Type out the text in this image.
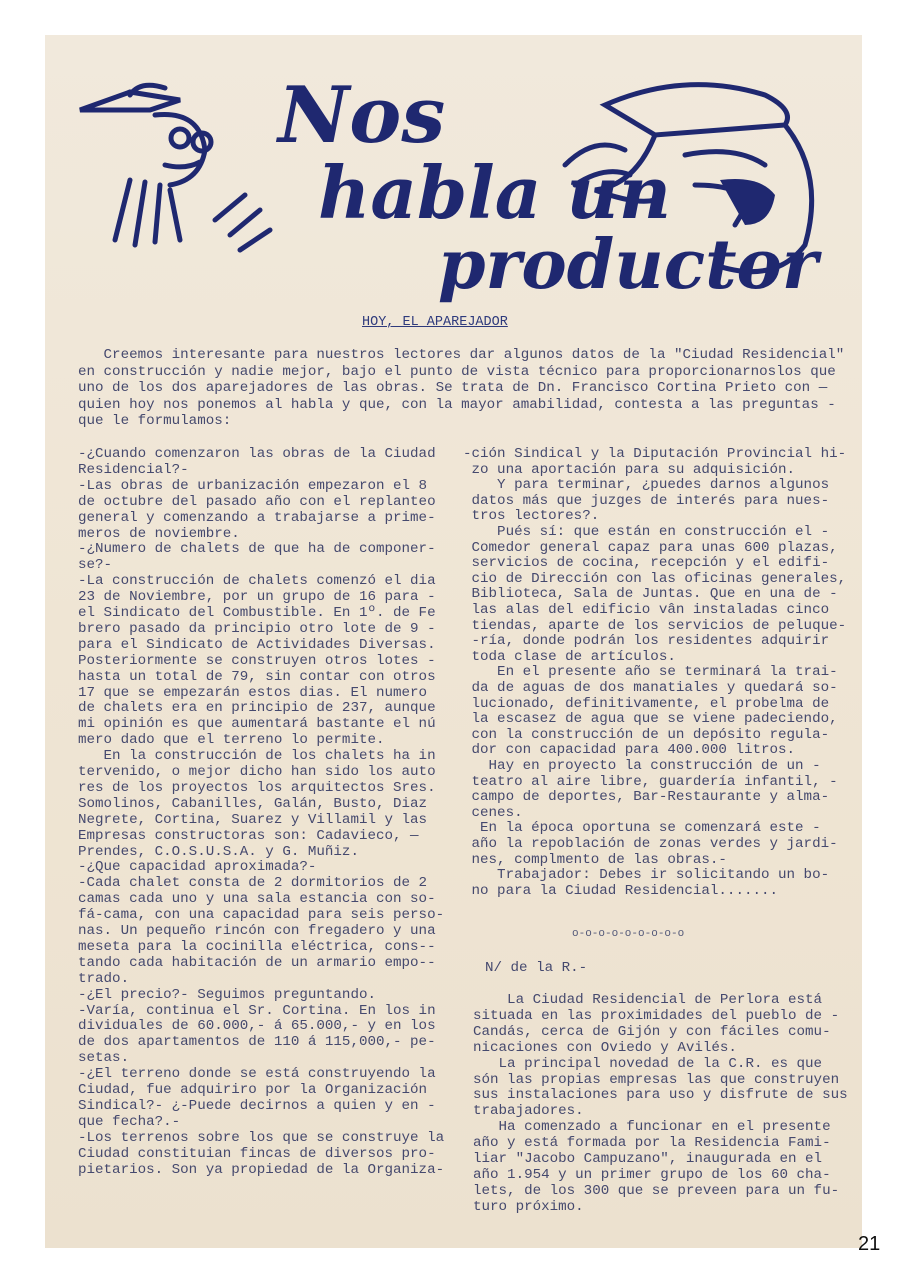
Nos
habla un
productor
HOY, EL APAREJADOR
Creemos interesante para nuestros lectores dar algunos datos de la "Ciudad Residencial"
en construcción y nadie mejor, bajo el punto de vista técnico para proporcionarnoslos que
uno de los dos aparejadores de las obras. Se trata de Dn. Francisco Cortina Prieto con —
quien hoy nos ponemos al habla y que, con la mayor amabilidad, contesta a las preguntas -
que le formulamos:
-¿Cuando comenzaron las obras de la Ciudad
Residencial?-
-Las obras de urbanización empezaron el 8
de octubre del pasado año con el replanteo
general y comenzando a trabajarse a prime-
meros de noviembre.
-¿Numero de chalets de que ha de componer-
se?-
-La construcción de chalets comenzó el dia
23 de Noviembre, por un grupo de 16 para -
el Sindicato del Combustible. En 1º. de Fe
brero pasado da principio otro lote de 9 -
para el Sindicato de Actividades Diversas.
Posteriormente se construyen otros lotes -
hasta un total de 79, sin contar con otros
17 que se empezarán estos dias. El numero
de chalets era en principio de 237, aunque
mi opinión es que aumentará bastante el nú
mero dado que el terreno lo permite.
En la construcción de los chalets ha in
tervenido, o mejor dicho han sido los auto
res de los proyectos los arquitectos Sres.
Somolinos, Cabanilles, Galán, Busto, Diaz
Negrete, Cortina, Suarez y Villamil y las
Empresas constructoras son: Cadavieco, —
Prendes, C.O.S.U.S.A. y G. Muñiz.
-¿Que capacidad aproximada?-
-Cada chalet consta de 2 dormitorios de 2
camas cada uno y una sala estancia con so-
fá-cama, con una capacidad para seis perso-
nas. Un pequeño rincón con fregadero y una
meseta para la cocinilla eléctrica, cons--
tando cada habitación de un armario empo--
trado.
-¿El precio?- Seguimos preguntando.
-Varía, continua el Sr. Cortina. En los in
dividuales de 60.000,- á 65.000,- y en los
de dos apartamentos de 110 á 115,000,- pe-
setas.
-¿El terreno donde se está construyendo la
Ciudad, fue adquiriro por la Organización
Sindical?- ¿-Puede decirnos a quien y en -
que fecha?.-
-Los terrenos sobre los que se construye la
Ciudad constituian fincas de diversos pro-
pietarios. Son ya propiedad de la Organiza-
-ción Sindical y la Diputación Provincial hi-
zo una aportación para su adquisición.
Y para terminar, ¿puedes darnos algunos
datos más que juzges de interés para nues-
tros lectores?.
Pués sí: que están en construcción el -
Comedor general capaz para unas 600 plazas,
servicios de cocina, recepción y el edifi-
cio de Dirección con las oficinas generales,
Biblioteca, Sala de Juntas. Que en una de -
las alas del edificio vân instaladas cinco
tiendas, aparte de los servicios de peluque-
-ría, donde podrán los residentes adquirir
toda clase de artículos.
En el presente año se terminará la trai-
da de aguas de dos manatiales y quedará so-
lucionado, definitivamente, el probelma de
la escasez de agua que se viene padeciendo,
con la construcción de un depósito regula-
dor con capacidad para 400.000 litros.
Hay en proyecto la construcción de un -
teatro al aire libre, guardería infantil, -
campo de deportes, Bar-Restaurante y alma-
cenes.
En la época oportuna se comenzará este -
año la repoblación de zonas verdes y jardi-
nes, complmento de las obras.-
Trabajador: Debes ir solicitando un bo-
no para la Ciudad Residencial.......
o-o-o-o-o-o-o-o-o
N/ de la R.-
La Ciudad Residencial de Perlora está
situada en las proximidades del pueblo de -
Candás, cerca de Gijón y con fáciles comu-
nicaciones con Oviedo y Avilés.
La principal novedad de la C.R. es que
són las propias empresas las que construyen
sus instalaciones para uso y disfrute de sus
trabajadores.
Ha comenzado a funcionar en el presente
año y está formada por la Residencia Fami-
liar "Jacobo Campuzano", inaugurada en el
año 1.954 y un primer grupo de los 60 cha-
lets, de los 300 que se preveen para un fu-
turo próximo.
21
